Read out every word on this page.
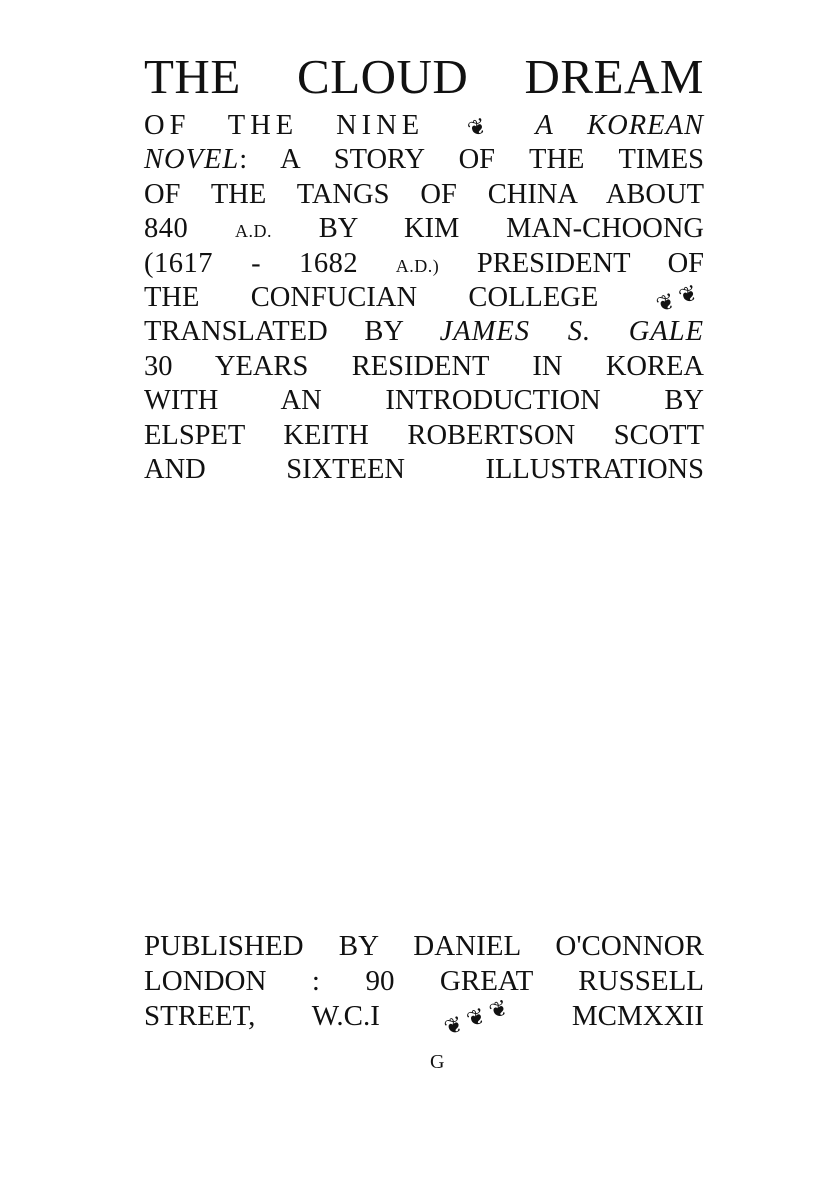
THE CLOUD DREAM
OF THE NINE ❦ A KOREAN
NOVEL: A STORY OF THE TIMES
OF THE TANGS OF CHINA ABOUT
840	A.D. BY KIM MAN-CHOONG
(1617 - 1682 A.D.) PRESIDENT OF
THE CONFUCIAN COLLEGE ❦ ❦
TRANSLATED BY JAMES S. GALE
30 YEARS RESIDENT IN KOREA
WITH AN INTRODUCTION BY
ELSPET KEITH ROBERTSON SCOTT
AND SIXTEEN ILLUSTRATIONS
PUBLISHED BY DANIEL O'CONNOR
LONDON : 90 GREAT RUSSELL
STREET, W.C.I	❦ ❦ ❦ MCMXXII
G
